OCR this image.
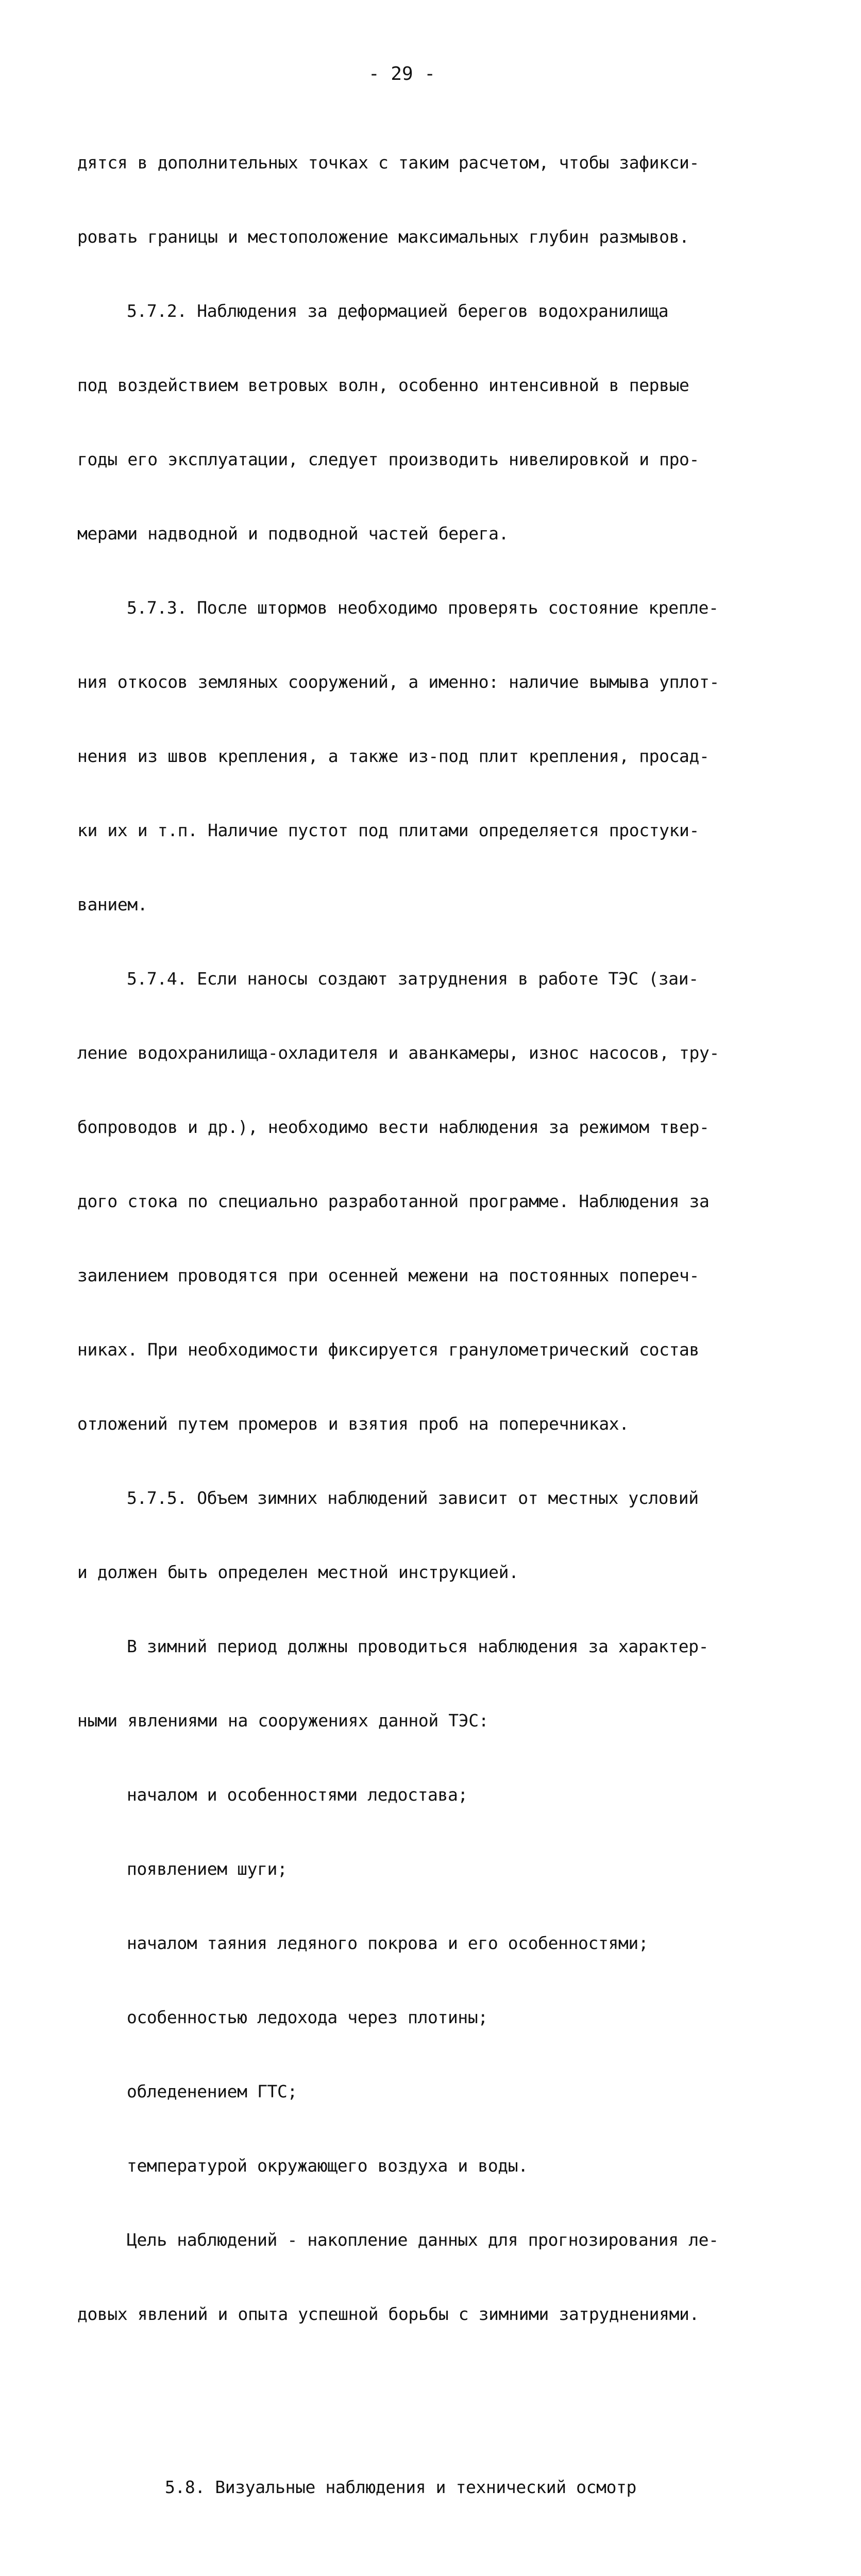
- 29 -

дятся в дополнительных точках с таким расчетом, чтобы зафикси-

ровать границы и местоположение максимальных глубин размывов.

5.7.2. Наблюдения за деформацией берегов водохранилища

под воздействием ветровых волн, особенно интенсивной в первые

годы его эксплуатации, следует производить нивелировкой и про-

мерами надводной и подводной частей берега.

5.7.3. После штормов необходимо проверять состояние крепле-

ния откосов земляных сооружений, а именно: наличие вымыва уплот-

нения из швов крепления, а также из-под плит крепления, просад-

ки их и т.п. Наличие пустот под плитами определяется простуки-

ванием.

5.7.4. Если наносы создают затруднения в работе ТЭС (заи-

ление водохранилища-охладителя и аванкамеры, износ насосов, тру-

бопроводов и др.), необходимо вести наблюдения за режимом твер-

дого стока по специально разработанной программе. Наблюдения за

заилением проводятся при осенней межени на постоянных попереч-

никах. При необходимости фиксируется гранулометрический состав

отложений путем промеров и взятия проб на поперечниках.

5.7.5. Объем зимних наблюдений зависит от местных условий

и должен быть определен местной инструкцией.

В зимний период должны проводиться наблюдения за характер-

ными явлениями на сооружениях данной ТЭС:

началом и особенностями ледостава;

появлением шуги;

началом таяния ледяного покрова и его особенностями;

особенностью ледохода через плотины;

обледенением ГТС;

температурой окружающего воздуха и воды.

Цель наблюдений - накопление данных для прогнозирования ле-

довых явлений и опыта успешной борьбы с зимними затруднениями.

5.8. Визуальные наблюдения и технический осмотр
